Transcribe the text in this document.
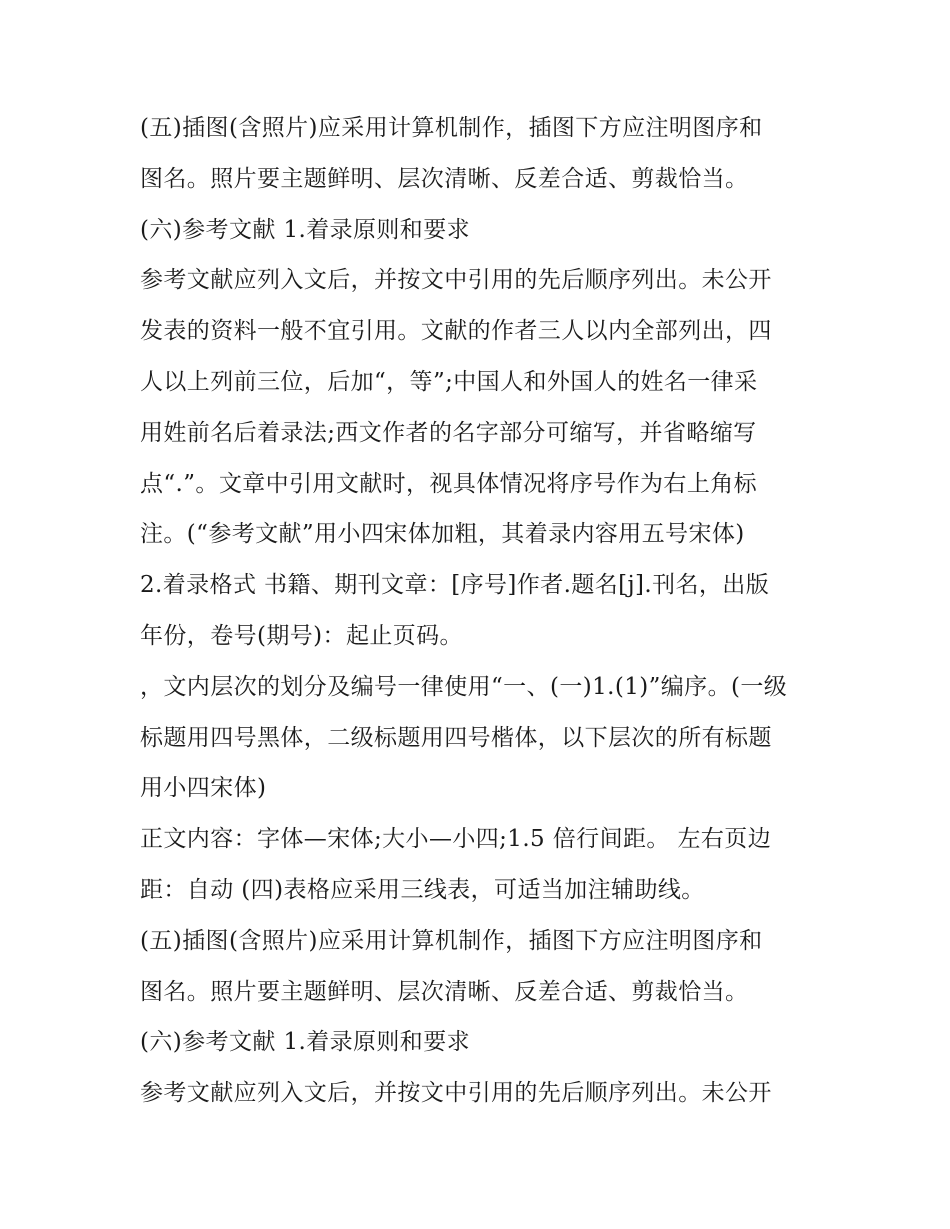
(五)插图(含照片)应采用计算机制作，插图下方应注明图序和
图名。照片要主题鲜明、层次清晰、反差合适、剪裁恰当。
(六)参考文献 1.着录原则和要求
参考文献应列入文后，并按文中引用的先后顺序列出。未公开
发表的资料一般不宜引用。文献的作者三人以内全部列出，四
人以上列前三位，后加“，等”;中国人和外国人的姓名一律采
用姓前名后着录法;西文作者的名字部分可缩写，并省略缩写
点“.”。文章中引用文献时，视具体情况将序号作为右上角标
注。(“参考文献”用小四宋体加粗，其着录内容用五号宋体)
2.着录格式 书籍、期刊文章：[序号]作者.题名[j].刊名，出版
年份，卷号(期号)：起止页码。
，文内层次的划分及编号一律使用“一、(一)1.(1)”编序。(一级
标题用四号黑体，二级标题用四号楷体，以下层次的所有标题
用小四宋体)
正文内容：字体—宋体;大小—小四;1.5 倍行间距。 左右页边
距：自动 (四)表格应采用三线表，可适当加注辅助线。
(五)插图(含照片)应采用计算机制作，插图下方应注明图序和
图名。照片要主题鲜明、层次清晰、反差合适、剪裁恰当。
(六)参考文献 1.着录原则和要求
参考文献应列入文后，并按文中引用的先后顺序列出。未公开
